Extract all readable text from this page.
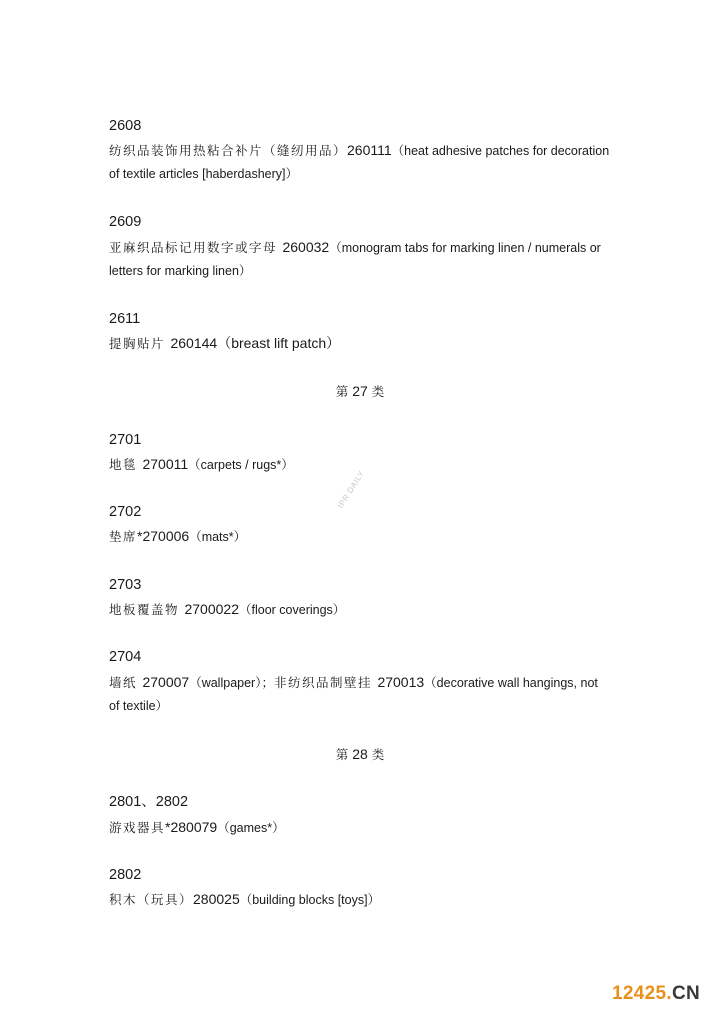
2608
纺织品装饰用热粘合补片（缝纫用品）260111（heat adhesive patches for decoration
of textile articles [haberdashery]）
2609
亚麻织品标记用数字或字母 260032（monogram tabs for marking linen / numerals or
letters for marking linen）
2611
提胸贴片 260144（breast lift patch）
第 27 类
2701
地毯 270011（carpets / rugs*）
2702
垫席*270006（mats*）
2703
地板覆盖物 2700022（floor coverings）
2704
墙纸 270007（wallpaper）；非纺织品制壁挂 270013（decorative wall hangings, not
of textile）
第 28 类
2801、2802
游戏器具*280079（games*）
2802
积木（玩具）280025（building blocks [toys]）
IPR DAILY
12425.CN
